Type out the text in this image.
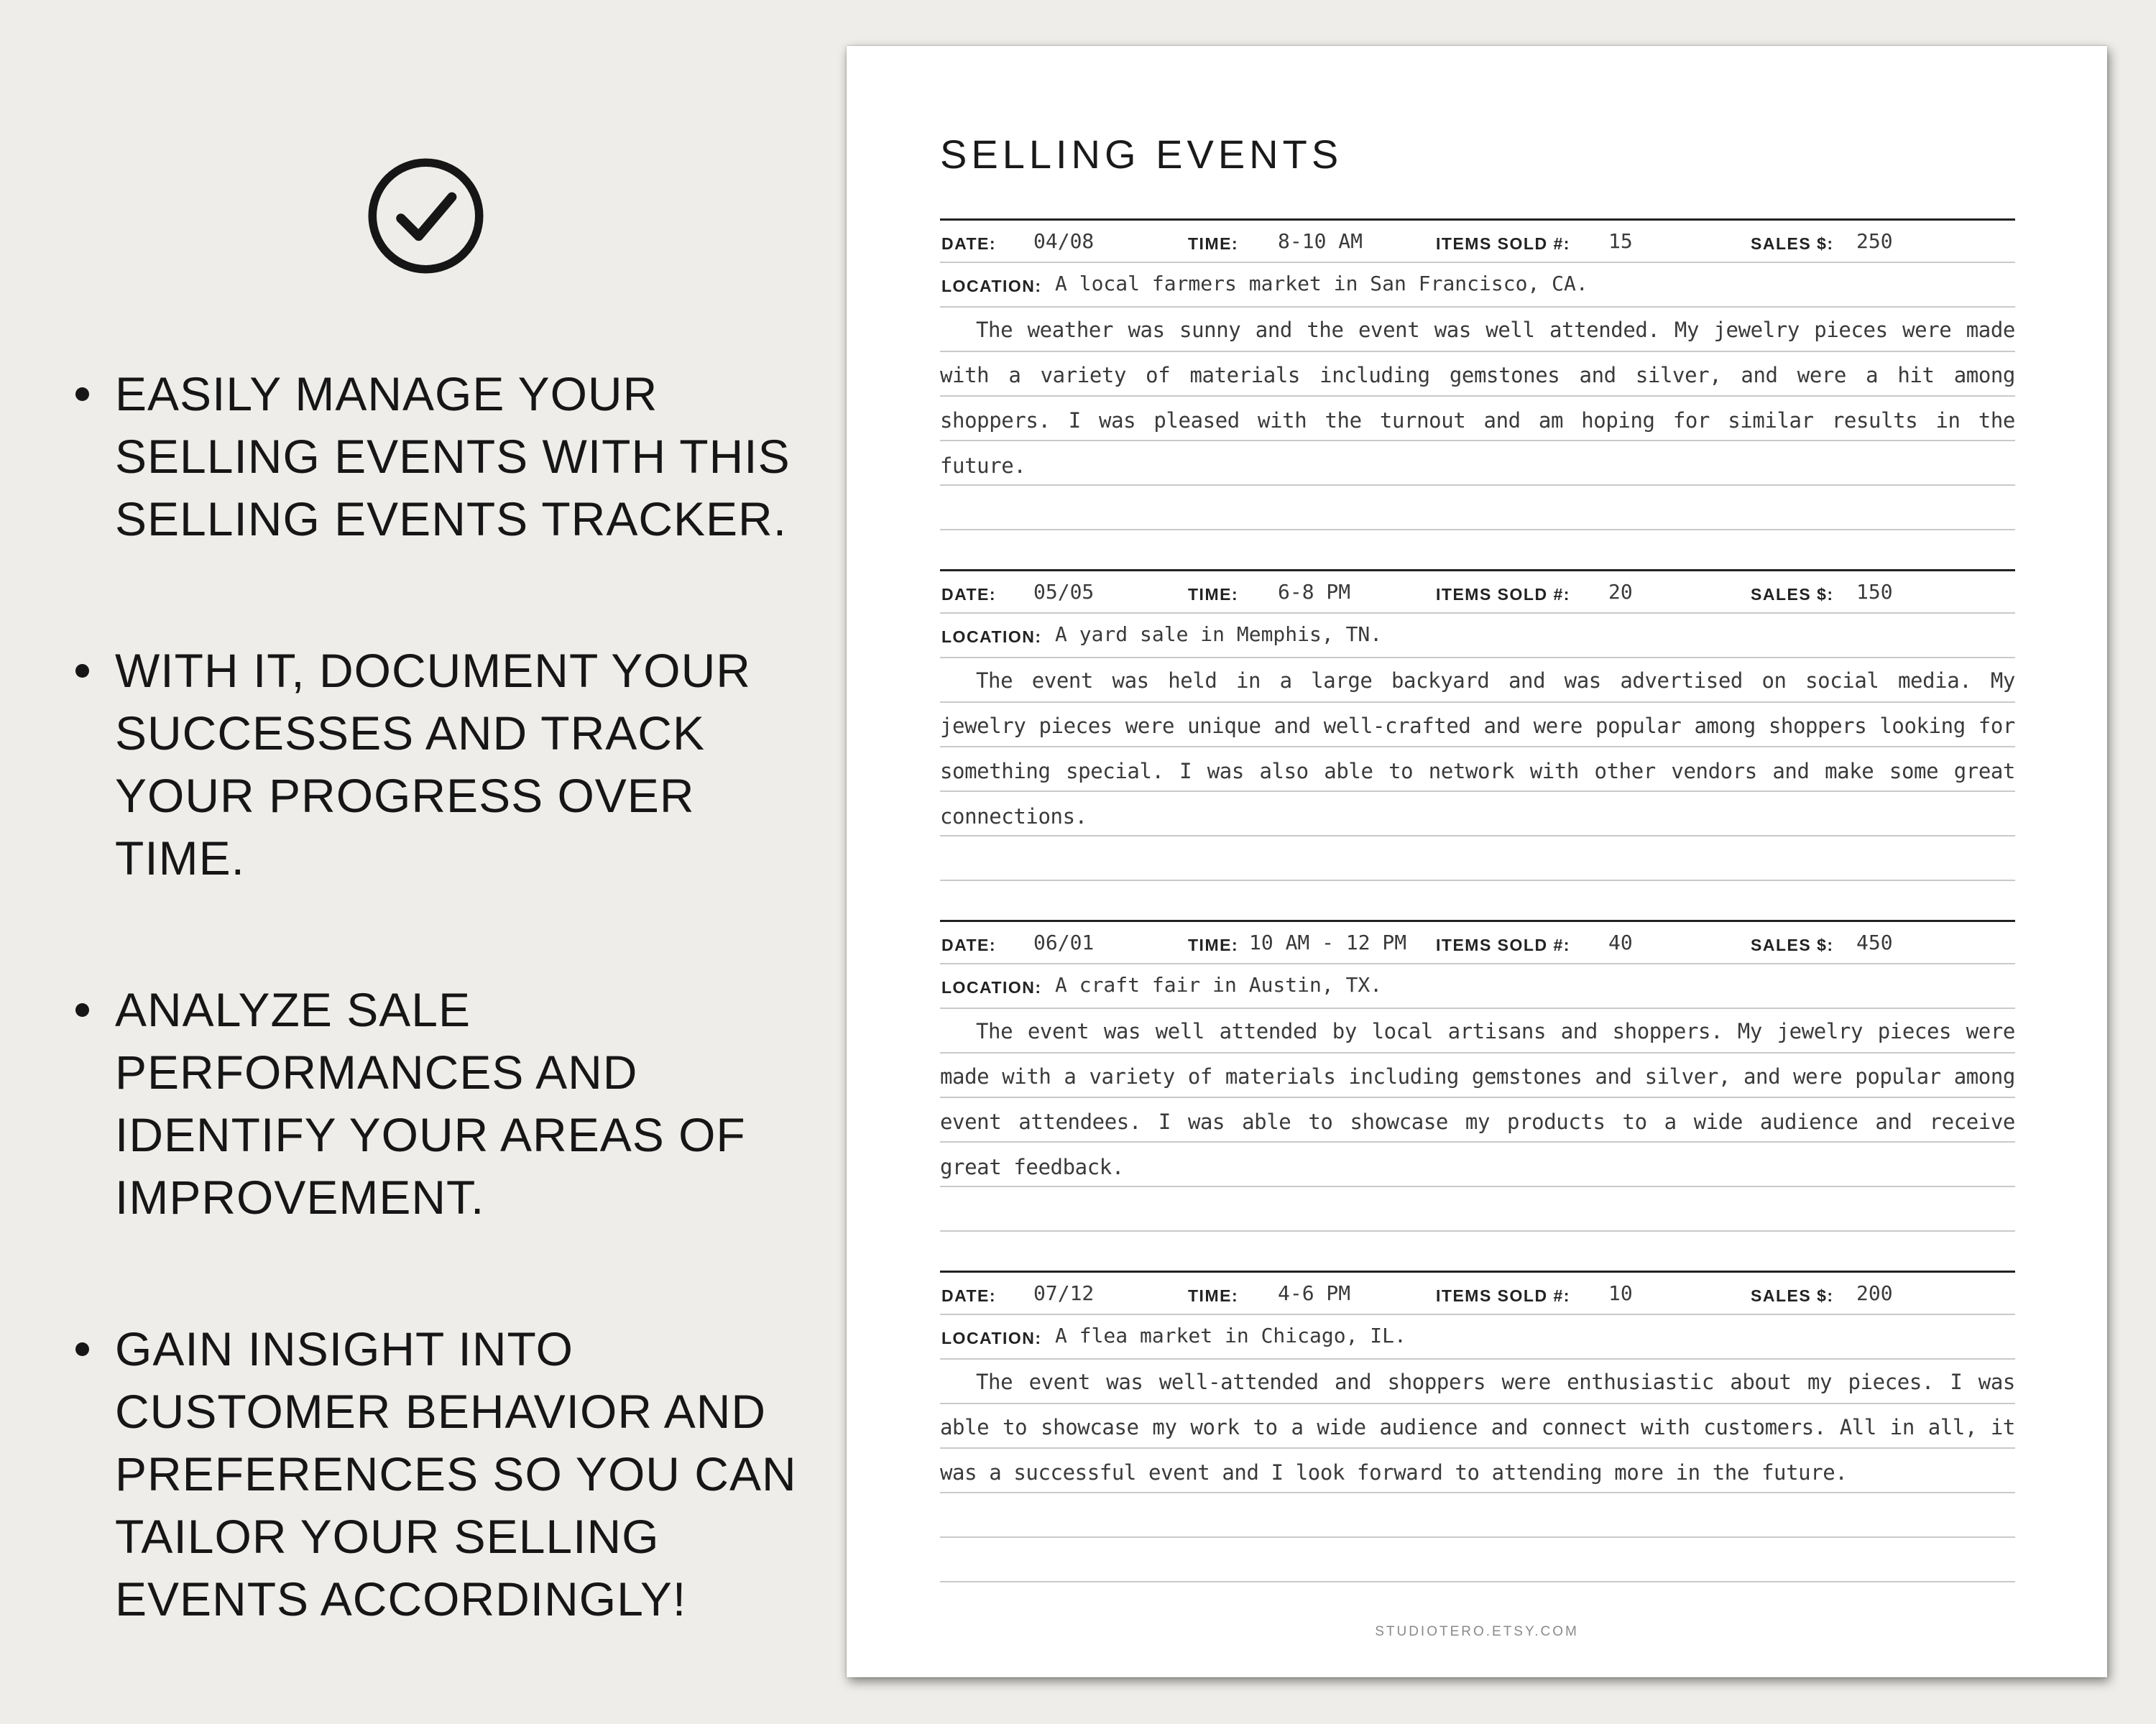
EASILY MANAGE YOUR SELLING EVENTS WITH THIS SELLING EVENTS TRACKER.
WITH IT, DOCUMENT YOUR SUCCESSES AND TRACK YOUR PROGRESS OVER TIME.
ANALYZE SALE PERFORMANCES AND IDENTIFY YOUR AREAS OF IMPROVEMENT.
GAIN INSIGHT INTO CUSTOMER BEHAVIOR AND PREFERENCES SO YOU CAN TAILOR YOUR SELLING EVENTS ACCORDINGLY!
SELLING EVENTS
DATE: 04/08	TIME: 8-10 AM	ITEMS SOLD #: 15	SALES $: 250
LOCATION: A local farmers market in San Francisco, CA.

The weather was sunny and the event was well attended. My jewelry pieces were made with a variety of materials including gemstones and silver, and were a hit among shoppers. I was pleased with the turnout and am hoping for similar results in the future.

DATE: 05/05	TIME: 6-8 PM	ITEMS SOLD #: 20	SALES $: 150
LOCATION: A yard sale in Memphis, TN.

The event was held in a large backyard and was advertised on social media. My jewelry pieces were unique and well-crafted and were popular among shoppers looking for something special. I was also able to network with other vendors and make some great connections.

DATE: 06/01	TIME: 10 AM - 12 PM ITEMS SOLD #: 40	SALES $: 450
LOCATION: A craft fair in Austin, TX.

The event was well attended by local artisans and shoppers. My jewelry pieces were made with a variety of materials including gemstones and silver, and were popular among event attendees. I was able to showcase my products to a wide audience and receive great feedback.

DATE: 07/12	TIME: 4-6 PM	ITEMS SOLD #: 10	SALES $: 200
LOCATION: A flea market in Chicago, IL.

The event was well-attended and shoppers were enthusiastic about my pieces. I was able to showcase my work to a wide audience and connect with customers. All in all, it was a successful event and I look forward to attending more in the future.

STUDIOTERO.ETSY.COM
